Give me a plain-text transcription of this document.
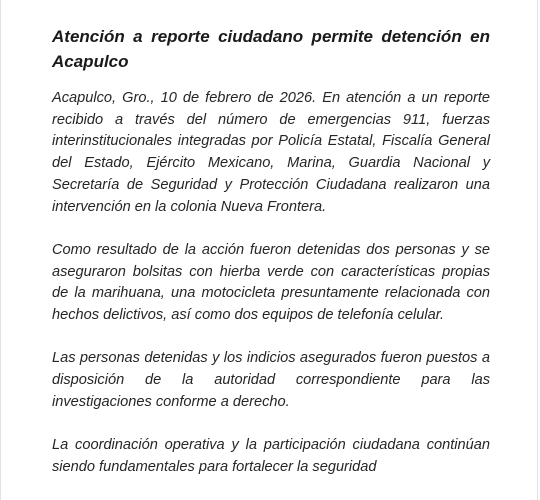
Atención a reporte ciudadano permite detención en Acapulco

Acapulco, Gro., 10 de febrero de 2026. En atención a un reporte recibido a través del número de emergencias 911, fuerzas interinstitucionales integradas por Policía Estatal, Fiscalía General del Estado, Ejército Mexicano, Marina, Guardia Nacional y Secretaría de Seguridad y Protección Ciudadana realizaron una intervención en la colonia Nueva Frontera.

Como resultado de la acción fueron detenidas dos personas y se aseguraron bolsitas con hierba verde con características propias de la marihuana, una motocicleta presuntamente relacionada con hechos delictivos, así como dos equipos de telefonía celular.

Las personas detenidas y los indicios asegurados fueron puestos a disposición de la autoridad correspondiente para las investigaciones conforme a derecho.

La coordinación operativa y la participación ciudadana continúan siendo fundamentales para fortalecer la seguridad
